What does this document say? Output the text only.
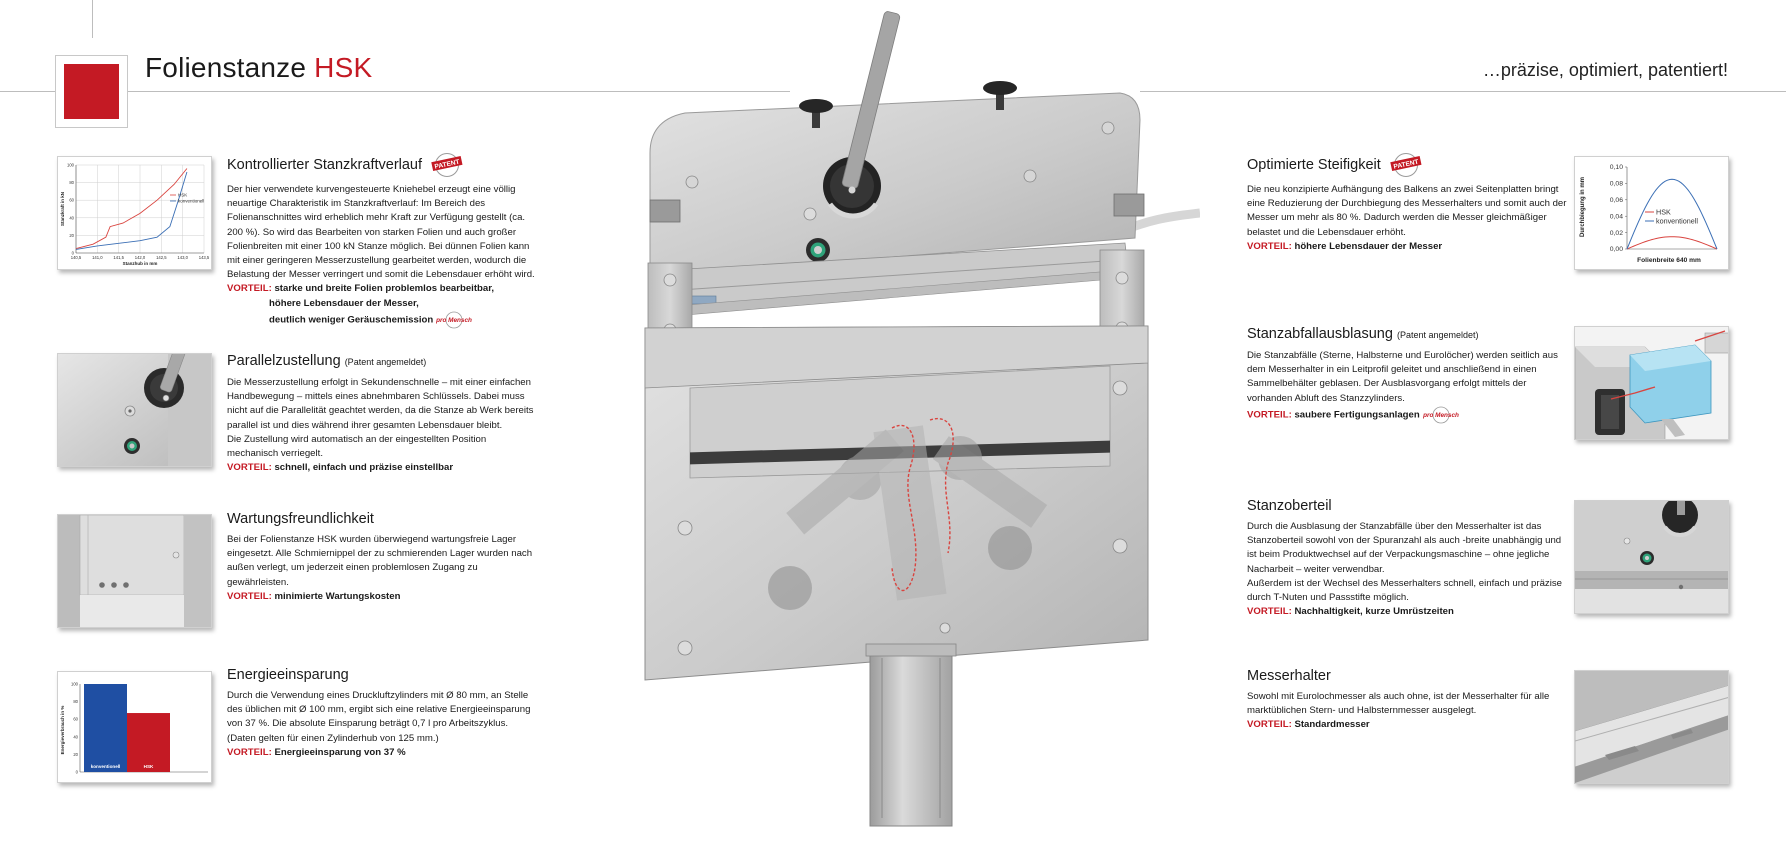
Folienstanze HSK	…präzise, optimiert, patentiert!
0
20
40
60
80
100
140,5	141,0	141,5	142,0	142,5	143,0	143,5
Stanzhub in mm
Stanzkraft in kN	HSK
konventionell
Kontrollierter Stanzkraftverlauf PATENT

Der hier verwendete kurvengesteuerte Kniehebel erzeugt eine völlig neuartige Charakteristik im Stanzkraftverlauf: Im Bereich des Folienanschnittes wird erheblich mehr Kraft zur Verfügung gestellt (ca. 200 %). So wird das Bearbeiten von starken Folien und auch großer Folienbreiten mit einer 100 kN Stanze möglich. Bei dünnen Folien kann mit einer geringeren Messerzustellung gearbeitet werden, wodurch die Belastung der Messer verringert und somit die Lebensdauer erhöht wird.

VORTEIL: starke und breite Folien problemlos bearbeitbar,

höhere Lebensdauer der Messer,
deutlich weniger Geräuschemission pro Mensch
Parallelzustellung (Patent angemeldet)

Die Messerzustellung erfolgt in Sekundenschnelle – mit einer einfachen Handbewegung – mittels eines abnehmbaren Schlüssels. Dabei muss nicht auf die Parallelität geachtet werden, da die Stanze ab Werk bereits parallel ist und dies während ihrer gesamten Lebensdauer bleibt.

Die Zustellung wird automatisch an der eingestellten Position mechanisch verriegelt.

VORTEIL: schnell, einfach und präzise einstellbar

Wartungsfreundlichkeit

Bei der Folienstanze HSK wurden überwiegend wartungsfreie Lager eingesetzt. Alle Schmiernippel der zu schmierenden Lager wurden nach außen verlegt, um jederzeit einen problemlosen Zugang zu gewährleisten.

VORTEIL: minimierte Wartungskosten

konventionell	HSK
0
20
40
60
80
100
Energieverbrauch in %
Energieeinsparung

Durch die Verwendung eines Druckluftzylinders mit Ø 80 mm, an Stelle des üblichen mit Ø 100 mm, ergibt sich eine relative Energieeinsparung von 37 %. Die absolute Einsparung beträgt 0,7 l pro Arbeitszyklus.

(Daten gelten für einen Zylinderhub von 125 mm.)

VORTEIL: Energieeinsparung von 37 %

Optimierte Steifigkeit PATENT

Die neu konzipierte Aufhängung des Balkens an zwei Seitenplatten bringt eine Reduzierung der Durchbiegung des Messerhalters und somit auch der Messer um mehr als 80 %. Dadurch werden die Messer gleichmäßiger belastet und die Lebensdauer erhöht.

VORTEIL: höhere Lebensdauer der Messer	0,00
0,02
0,04
0,06
0,08
0,10
Folienbreite 640 mm
Durchbiegung in mm	HSK
konventionell
Stanzabfallausblasung (Patent angemeldet)

Die Stanzabfälle (Sterne, Halbsterne und Eurolöcher) werden seitlich aus dem Messerhalter in ein Leitprofil geleitet und anschließend in einen Sammelbehälter geblasen. Der Ausblasvorgang erfolgt mittels der vorhanden Abluft des Stanzzylinders.

VORTEIL: saubere Fertigungsanlagen pro Mensch

Stanzoberteil

Durch die Ausblasung der Stanzabfälle über den Messerhalter ist das Stanzoberteil sowohl von der Spuranzahl als auch -breite unabhängig und ist beim Produktwechsel auf der Verpackungsmaschine – ohne jegliche Nacharbeit – weiter verwendbar.

Außerdem ist der Wechsel des Messerhalters schnell, einfach und präzise durch T-Nuten und Passstifte möglich.

VORTEIL: Nachhaltigkeit, kurze Umrüstzeiten

Messerhalter

Sowohl mit Eurolochmesser als auch ohne, ist der Messerhalter für alle marktüblichen Stern- und Halbsternmesser ausgelegt.

VORTEIL: Standardmesser
